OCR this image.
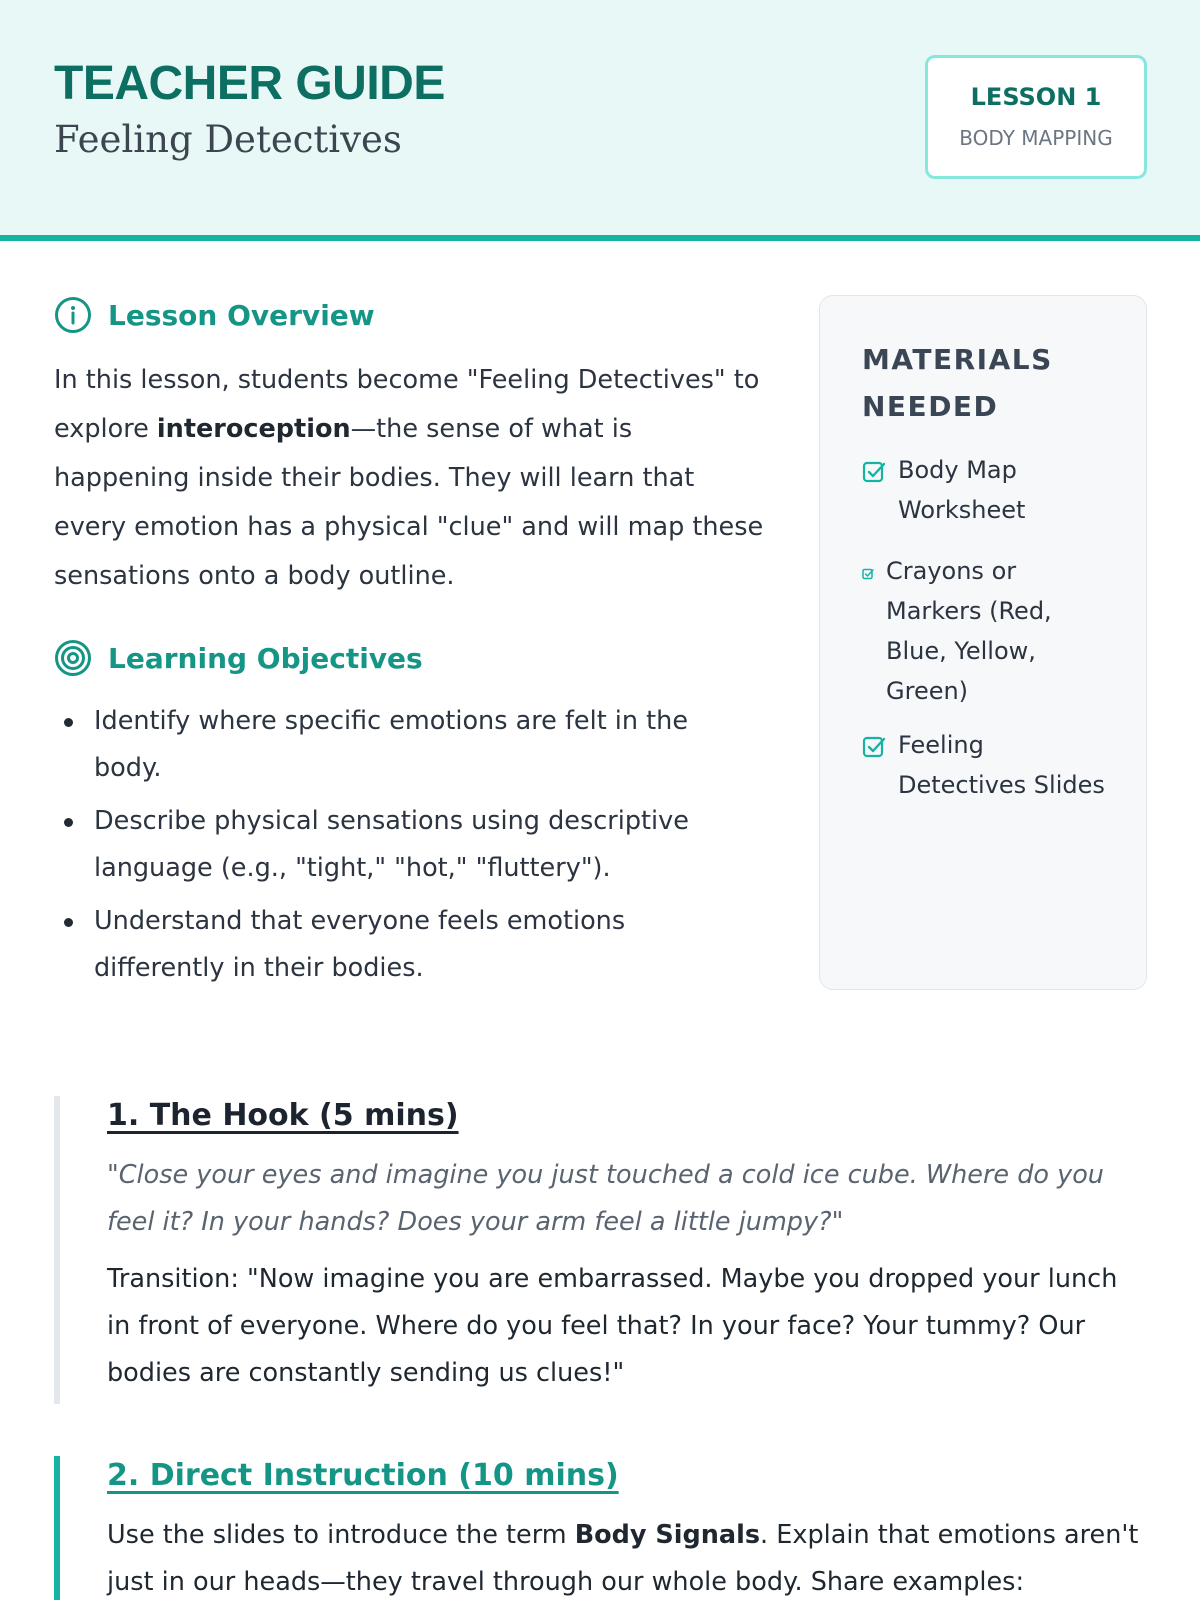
TEACHER GUIDE
Feeling Detectives
LESSON 1
BODY MAPPING
Lesson Overview

In this lesson, students become "Feeling Detectives" to explore interoception—the sense of what is happening inside their bodies. They will learn that every emotion has a physical "clue" and will map these sensations onto a body outline.

Learning Objectives
Identify where specific emotions are felt in the body.
Describe physical sensations using descriptive language (e.g., "tight," "hot," "fluttery").
Understand that everyone feels emotions differently in their bodies.
MATERIALS NEEDED
Body Map Worksheet
Crayons or Markers (Red, Blue, Yellow, Green)
Feeling Detectives Slides
1. The Hook (5 mins)
"Close your eyes and imagine you just touched a cold ice cube. Where do you feel it? In your hands? Does your arm feel a little jumpy?"
Transition: "Now imagine you are embarrassed. Maybe you dropped your lunch in front of everyone. Where do you feel that? In your face? Your tummy? Our bodies are constantly sending us clues!"
2. Direct Instruction (10 mins)
Use the slides to introduce the term Body Signals. Explain that emotions aren't just in our heads—they travel through our whole body. Share examples:
